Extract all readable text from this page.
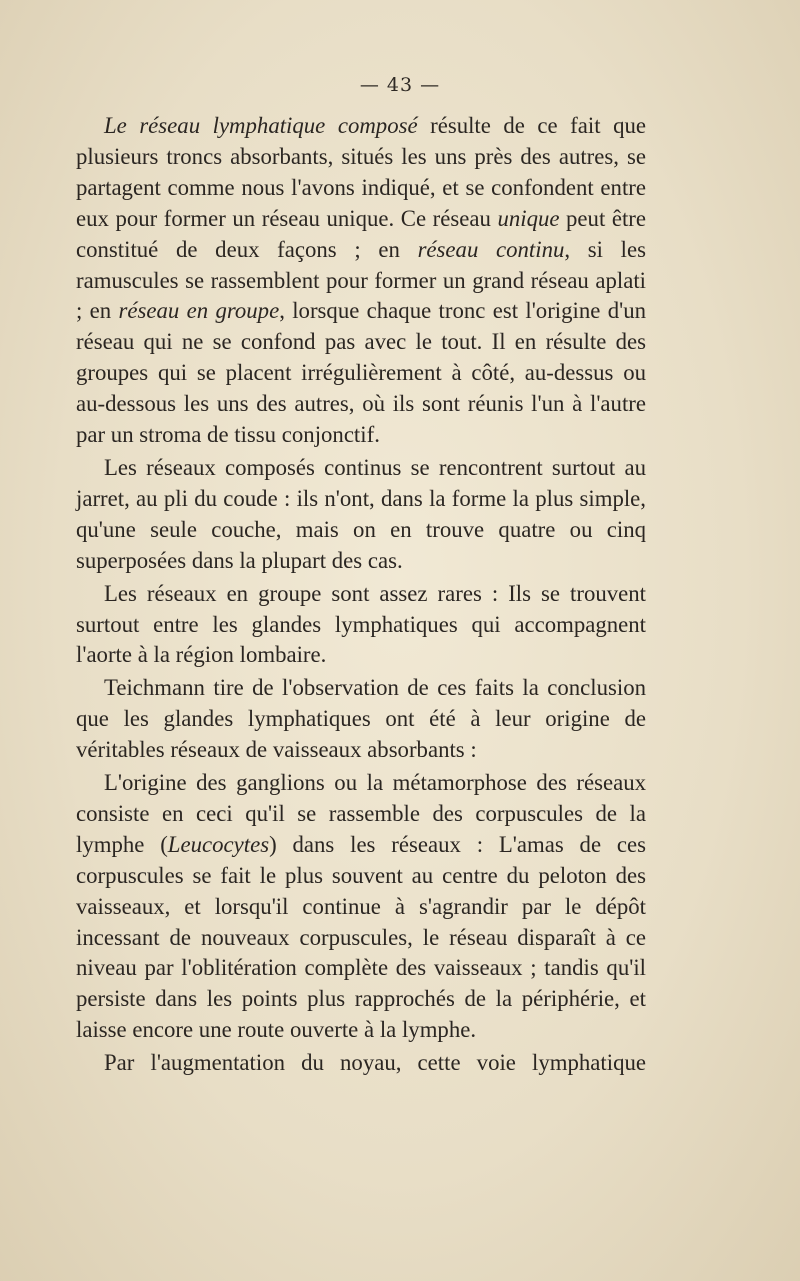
— 43 —

Le réseau lymphatique composé résulte de ce fait que plusieurs troncs absorbants, situés les uns près des autres, se partagent comme nous l'avons indiqué, et se confondent entre eux pour former un réseau unique. Ce réseau unique peut être constitué de deux façons ; en réseau continu, si les ramuscules se rassemblent pour former un grand réseau aplati ; en réseau en groupe, lorsque chaque tronc est l'origine d'un réseau qui ne se confond pas avec le tout. Il en résulte des groupes qui se placent irrégulièrement à côté, au-dessus ou au-dessous les uns des autres, où ils sont réunis l'un à l'autre par un stroma de tissu conjonctif.

Les réseaux composés continus se rencontrent surtout au jarret, au pli du coude : ils n'ont, dans la forme la plus simple, qu'une seule couche, mais on en trouve quatre ou cinq superposées dans la plupart des cas.

Les réseaux en groupe sont assez rares : Ils se trouvent surtout entre les glandes lymphatiques qui accompagnent l'aorte à la région lombaire.

Teichmann tire de l'observation de ces faits la conclusion que les glandes lymphatiques ont été à leur origine de véritables réseaux de vaisseaux absorbants :

L'origine des ganglions ou la métamorphose des réseaux consiste en ceci qu'il se rassemble des corpuscules de la lymphe (Leucocytes) dans les réseaux : L'amas de ces corpuscules se fait le plus souvent au centre du peloton des vaisseaux, et lorsqu'il continue à s'agrandir par le dépôt incessant de nouveaux corpuscules, le réseau disparaît à ce niveau par l'oblitération complète des vaisseaux ; tandis qu'il persiste dans les points plus rapprochés de la périphérie, et laisse encore une route ouverte à la lymphe.

Par l'augmentation du noyau, cette voie lymphatique
